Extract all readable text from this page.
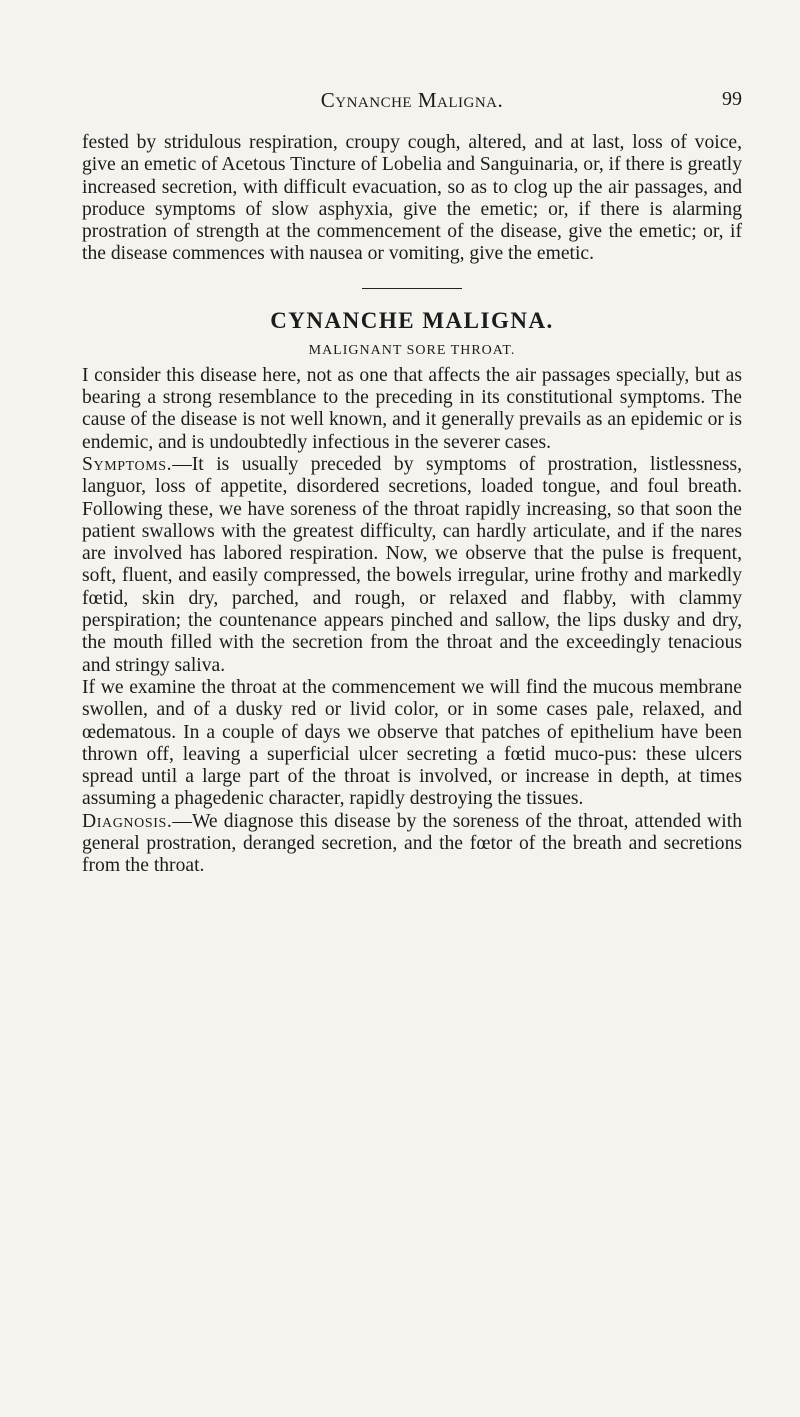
Cynanche Maligna.	99

fested by stridulous respiration, croupy cough, altered, and at last, loss of voice, give an emetic of Acetous Tincture of Lobelia and Sanguinaria, or, if there is greatly increased secretion, with difficult evacuation, so as to clog up the air passages, and produce symptoms of slow asphyxia, give the emetic; or, if there is alarming prostration of strength at the commencement of the disease, give the emetic; or, if the disease commences with nausea or vomiting, give the emetic.

CYNANCHE MALIGNA.
MALIGNANT SORE THROAT.

I consider this disease here, not as one that affects the air passages specially, but as bearing a strong resemblance to the preceding in its constitutional symptoms. The cause of the disease is not well known, and it generally prevails as an epidemic or is endemic, and is undoubtedly infectious in the severer cases.

Symptoms.—It is usually preceded by symptoms of prostration, listlessness, languor, loss of appetite, disordered secretions, loaded tongue, and foul breath. Following these, we have soreness of the throat rapidly increasing, so that soon the patient swallows with the greatest difficulty, can hardly articulate, and if the nares are involved has labored respiration. Now, we observe that the pulse is frequent, soft, fluent, and easily compressed, the bowels irregular, urine frothy and markedly fœtid, skin dry, parched, and rough, or relaxed and flabby, with clammy perspiration; the countenance appears pinched and sallow, the lips dusky and dry, the mouth filled with the secretion from the throat and the exceedingly tenacious and stringy saliva.

If we examine the throat at the commencement we will find the mucous membrane swollen, and of a dusky red or livid color, or in some cases pale, relaxed, and œdematous. In a couple of days we observe that patches of epithelium have been thrown off, leaving a superficial ulcer secreting a fœtid muco-pus: these ulcers spread until a large part of the throat is involved, or increase in depth, at times assuming a phagedenic character, rapidly destroying the tissues.

Diagnosis.—We diagnose this disease by the soreness of the throat, attended with general prostration, deranged secretion, and the fœtor of the breath and secretions from the throat.
